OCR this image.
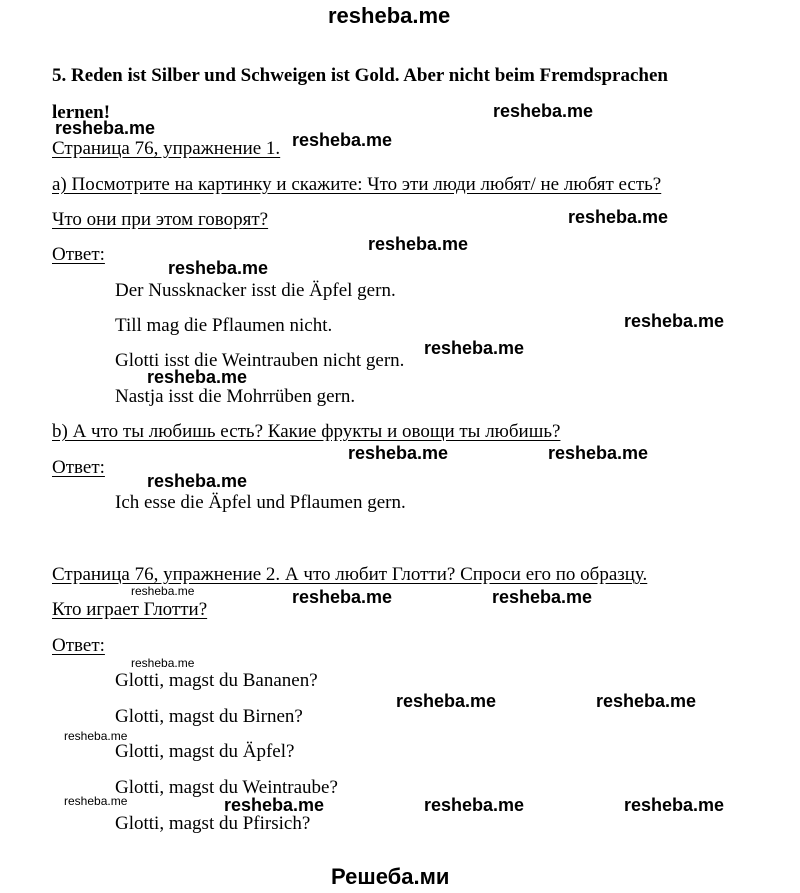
resheba.me
5. Reden ist Silber und Schweigen ist Gold. Aber nicht beim Fremdsprachen
lernen!
Страница 76, упражнение 1.
а) Посмотрите на картинку и скажите: Что эти люди любят/ не любят есть?
Что они при этом говорят?
Ответ:
Der Nussknacker isst die Äpfel gern.
Till mag die Pflaumen nicht.
Glotti isst die Weintrauben nicht gern.
Nastja isst die Mohrrüben gern.
b) А что ты любишь есть? Какие фрукты и овощи ты любишь?
Ответ:
Ich esse die Äpfel und Pflaumen gern.
Страница 76, упражнение 2. А что любит Глотти? Спроси его по образцу.
Кто играет Глотти?
Ответ:
Glotti, magst du Bananen?
Glotti, magst du Birnen?
Glotti, magst du Äpfel?
Glotti, magst du Weintraube?
Glotti, magst du Pfirsich?
Решеба.ми
resheba.me
resheba.me
resheba.me
resheba.me
resheba.me
resheba.me
resheba.me
resheba.me
resheba.me
resheba.me	resheba.me
resheba.me
resheba.me	resheba.me
resheba.me	resheba.me
resheba.me	resheba.me	resheba.me
resheba.me
resheba.me
resheba.me
resheba.me
